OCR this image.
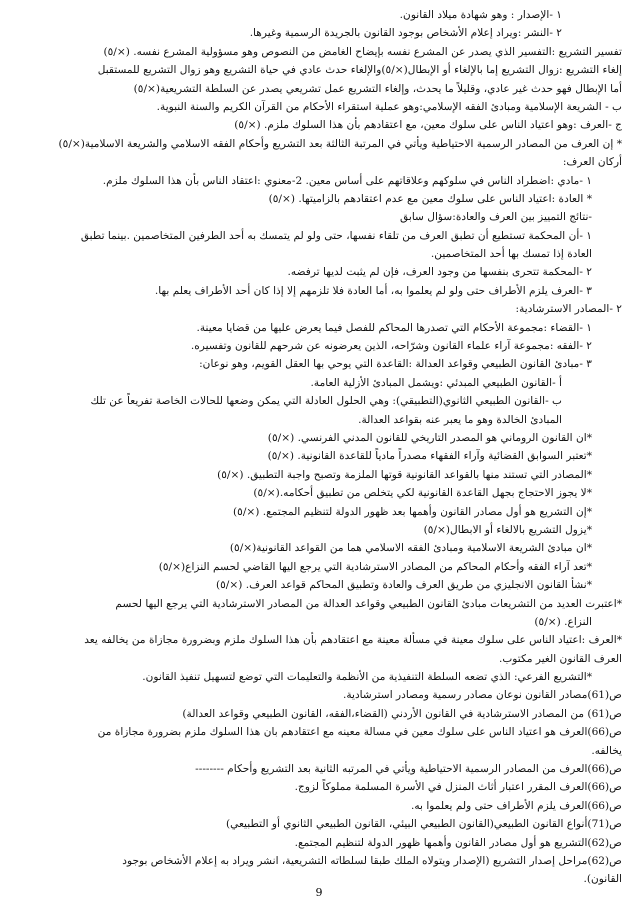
١ -الإصدار : وهو شهادة ميلاد القانون.
٢ -النشر :ويراد إعلام الأشخاص بوجود القانون بالجريدة الرسمية وغيرها.
تفسير التشريع :التفسير الذي يصدر عن المشرع نفسه بإيضاح الغامض من النصوص وهو مسؤولية المشرع نفسه. (×/٥)
إلغاء التشريع :زوال التشريع إما بالإلغاء أو الإبطال(×/٥)والإلغاء حدث عادي في حياة التشريع وهو زوال التشريع للمستقبل
أما الإبطال فهو حدث غير عادي، وقليلاً ما يحدث، وإلغاء التشريع عمل تشريعي يصدر عن السلطة التشريعية(×/٥)
ب - الشريعة الإسلامية ومبادئ الفقه الإسلامي:وهو عملية استقراء الأحكام من القرآن الكريم والسنة النبوية.
ج -العرف :وهو اعتياد الناس على سلوك معين، مع اعتقادهم بأن هذا السلوك ملزم. (×/٥)
* إن العرف من المصادر الرسمية الاحتياطية ويأتي في المرتبة الثالثة بعد التشريع وأحكام الفقه الاسلامي والشريعة الاسلامية(×/٥)
أركان العرف:
١ -مادي :اضطراد الناس في سلوكهم وعلاقاتهم على أساس معين. 2-معنوي :اعتقاد الناس بأن هذا السلوك ملزم.
* العادة :اعتياد الناس على سلوك معين مع عدم اعتقادهم بالزاميتها. (×/٥)
-نتائج التمييز بين العرف والعادة:سؤال سابق
١ -أن المحكمة تستطيع أن تطبق العرف من تلقاء نفسها، حتى ولو لم يتمسك به أحد الطرفين المتخاصمين .بينما تطبق
العادة إذا تمسك بها أحد المتخاصمين.
٢ -المحكمة تتحرى بنفسها من وجود العرف، فإن لم يثبت لديها ترفضه.
٣ -العرف يلزم الأطراف حتى ولو لم يعلموا به، أما العادة فلا تلزمهم إلا إذا كان أحد الأطراف يعلم بها.
٢ -المصادر الاسترشادية:
١ -القضاء :مجموعة الأحكام التي تصدرها المحاكم للفصل فيما يعرض عليها من قضايا معينة.
٢ -الفقه :مجموعة آراء علماء القانون وشرّاحه، الذين يعرضونه عن شرحهم للقانون وتفسيره.
٣ -مبادئ القانون الطبيعي وقواعد العدالة :القاعدة التي يوحي بها العقل القويم، وهو نوعان:
أ -القانون الطبيعي المبدئي :ويشمل المبادئ الأزلية العامة.
ب -القانون الطبيعي الثانوي(التطبيقي): وهي الحلول العادلة التي يمكن وضعها للحالات الخاصة تفريعاً عن تلك
المبادئ الخالدة وهو ما يعبر عنه بقواعد العدالة.
*ان القانون الروماني هو المصدر التاريخي للقانون المدني الفرنسي. (×/٥)
*تعتبر السوابق القضائية وآراء الفقهاء مصدراً مادياً للقاعدة القانونية. (×/٥)
*المصادر التي تستند منها بالقواعد القانونية قوتها الملزمة وتصبح واجبة التطبيق. (×/٥)
*لا يجوز الاحتجاج بجهل القاعدة القانونية لكي يتخلص من تطبيق أحكامه.(×/٥)
*إن التشريع هو أول مصادر القانون وأهمها بعد ظهور الدولة لتنظيم المجتمع. (×/٥)
*يزول التشريع بالالغاء أو الابطال(×/٥)
*ان مبادئ الشريعة الاسلامية ومبادئ الفقه الاسلامي هما من القواعد القانونية(×/٥)
*تعد آراء الفقه وأحكام المحاكم من المصادر الاسترشادية التي يرجع اليها القاضي لحسم النزاع(×/٥)
*نشأ القانون الانجليزي من طريق العرف والعادة وتطبيق المحاكم قواعد العرف. (×/٥)
*اعتبرت العديد من التشريعات مبادئ القانون الطبيعي وقواعد العدالة من المصادر الاسترشادية التي يرجع اليها لحسم
النزاع. (×/٥)
*العرف :اعتياد الناس على سلوك معينة في مسألة معينة مع اعتقادهم بأن هذا السلوك ملزم وبضرورة مجازاة من يخالفه يعد
العرف القانون الغير مكتوب.
*التشريع الفرعي: الذي تضعه السلطة التنفيذية من الأنظمة والتعليمات التي توضع لتسهيل تنفيذ القانون.
ص(61)مصادر القانون نوعان مصادر رسمية ومصادر استرشادية.
ص(61) من المصادر الاسترشادية في القانون الأردني (القضاء،الفقه، القانون الطبيعي وقواعد العدالة)
ص(66)العرف هو اعتياد الناس على سلوك معين في مسالة معينه مع اعتقادهم بان هذا السلوك ملزم بضرورة مجازاة من
يخالفه.
ص(66)العرف من المصادر الرسمية الاحتياطية ويأتي في المرتبه الثانية بعد التشريع وأحكام --------
ص(66)العرف المقرر اعتبار أثاث المنزل في الأسرة المسلمة مملوكاً لزوج.
ص(66)العرف يلزم الأطراف حتى ولم يعلموا به.
ص(71)أنواع القانون الطبيعي(القانون الطبيعي البيئي، القانون الطبيعي الثانوي أو التطبيعي)
ص(62)التشريع هو أول مصادر القانون وأهمها ظهور الدولة لتنظيم المجتمع.
ص(62)مراحل إصدار التشريع (الإصدار ويتولاه الملك طبقا لسلطاته التشريعية، انشر ويراد به إعلام الأشخاص بوجود
القانون).
9
